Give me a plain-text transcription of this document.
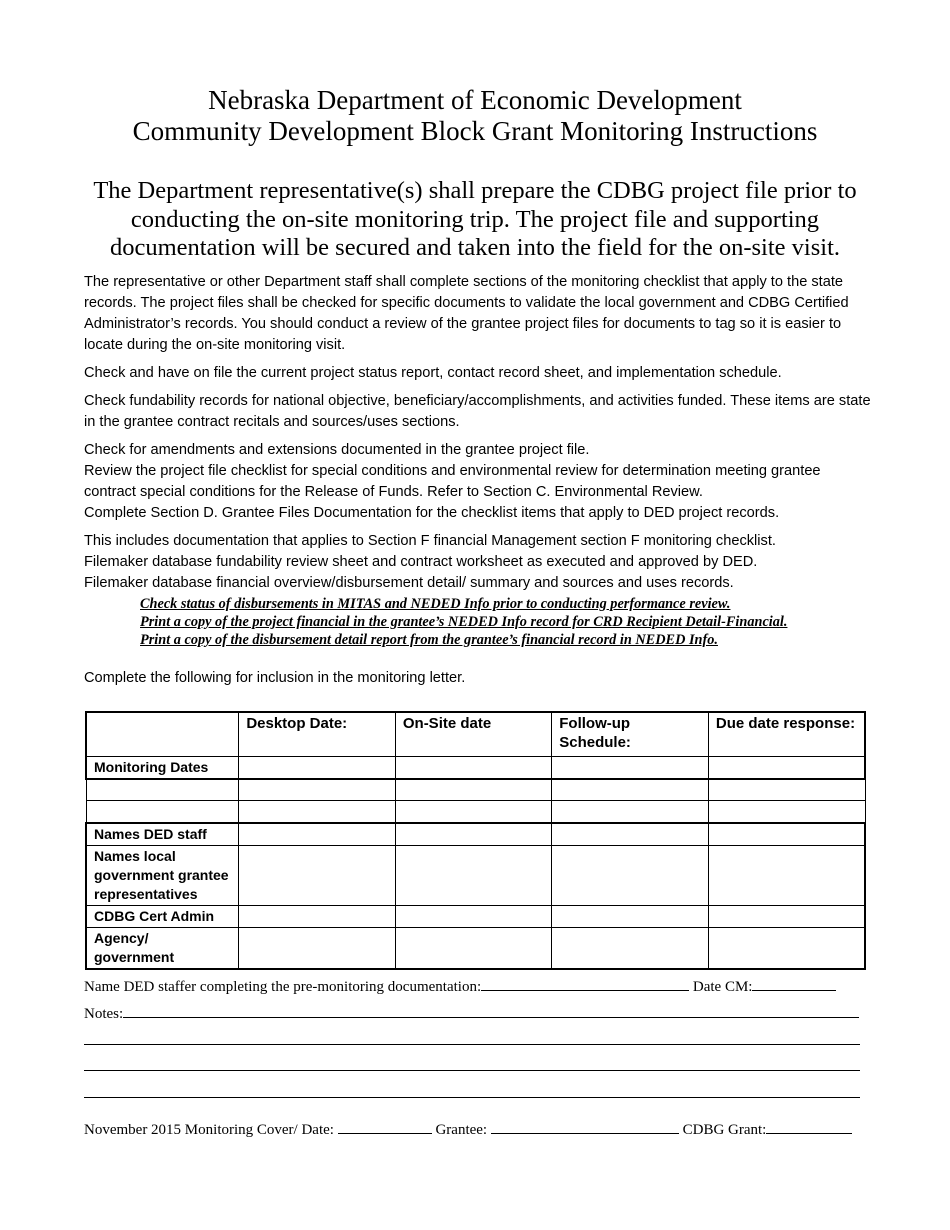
Nebraska Department of Economic Development
Community Development Block Grant Monitoring Instructions
The Department representative(s) shall prepare the CDBG project file prior to conducting the on-site monitoring trip. The project file and supporting documentation will be secured and taken into the field for the on-site visit.
The representative or other Department staff shall complete sections of the monitoring checklist that apply to the state records. The project files shall be checked for specific documents to validate the local government and CDBG Certified Administrator’s records. You should conduct a review of the grantee project files for documents to tag so it is easier to locate during the on-site monitoring visit.
Check and have on file the current project status report, contact record sheet, and implementation schedule.
Check fundability records for national objective, beneficiary/accomplishments, and activities funded. These items are state in the grantee contract recitals and sources/uses sections.

Check for amendments and extensions documented in the grantee project file.

Review the project file checklist for special conditions and environmental review for determination meeting grantee contract special conditions for the Release of Funds. Refer to Section C. Environmental Review.

Complete Section D. Grantee Files Documentation for the checklist items that apply to DED project records.

This includes documentation that applies to Section F financial Management section F monitoring checklist.

Filemaker database fundability review sheet and contract worksheet as executed and approved by DED.

Filemaker database financial overview/disbursement detail/ summary and sources and uses records.

Check status of disbursements in MITAS and NEDED Info prior to conducting performance review.

Print a copy of the project financial in the grantee’s NEDED Info record for CRD Recipient Detail-Financial.

Print a copy of the disbursement detail report from the grantee’s financial record in NEDED Info.

Complete the following for inclusion in the monitoring letter.
	Desktop Date:	On-Site date	Follow-up Schedule:	Due date response:
Monitoring Dates				

Names DED staff				
Names local government grantee representatives				
CDBG Cert Admin				
Agency/ government				
Name DED staffer completing the pre-monitoring documentation:	Date CM:
Notes:
November 2015 Monitoring Cover/ Date:	Grantee:	CDBG Grant:
